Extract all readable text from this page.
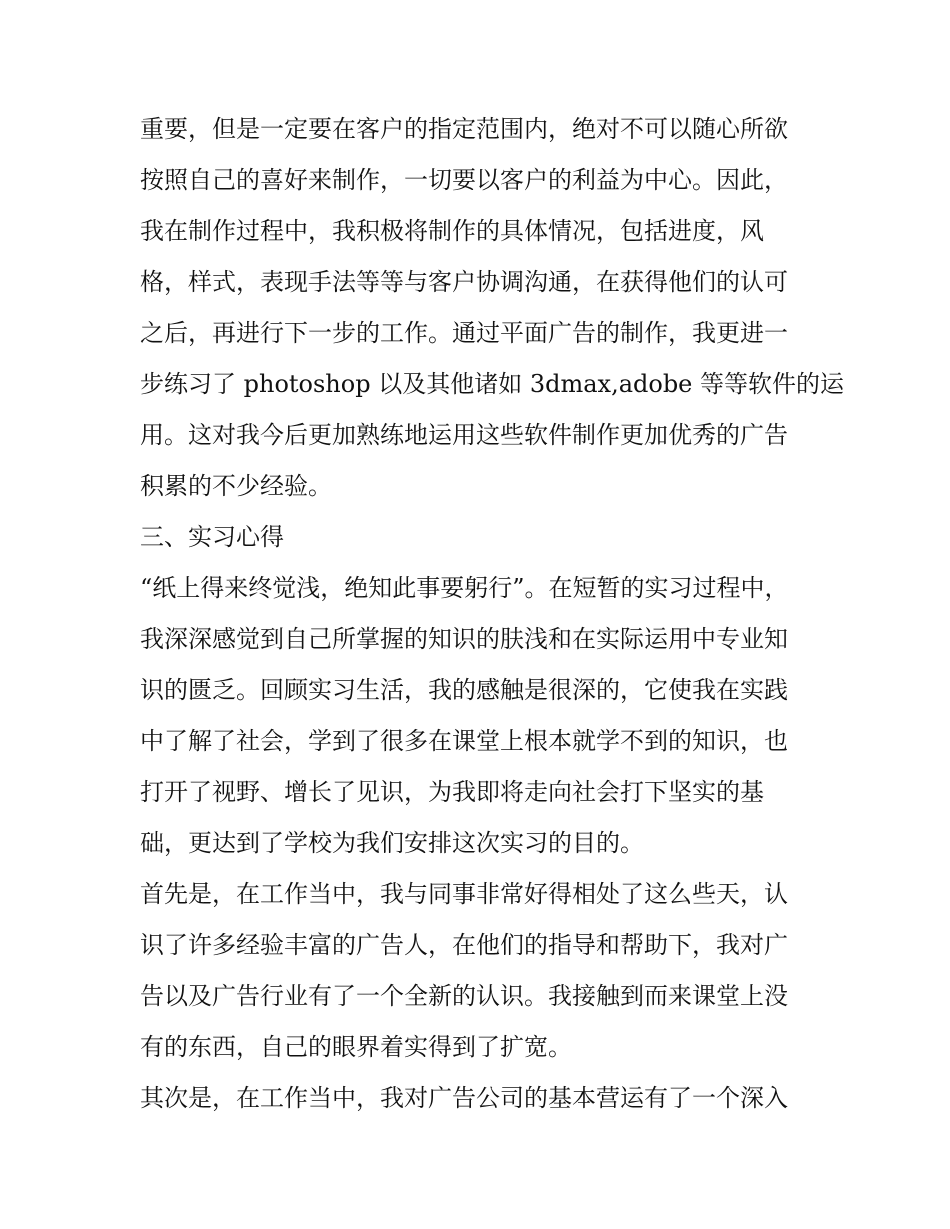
重要，但是一定要在客户的指定范围内，绝对不可以随心所欲
按照自己的喜好来制作，一切要以客户的利益为中心。因此，
我在制作过程中，我积极将制作的具体情况，包括进度，风
格，样式，表现手法等等与客户协调沟通，在获得他们的认可
之后，再进行下一步的工作。通过平面广告的制作，我更进一
步练习了 photoshop 以及其他诸如 3dmax,adobe 等等软件的运
用。这对我今后更加熟练地运用这些软件制作更加优秀的广告
积累的不少经验。
三、实习心得
“纸上得来终觉浅，绝知此事要躬行”。在短暂的实习过程中，
我深深感觉到自己所掌握的知识的肤浅和在实际运用中专业知
识的匮乏。回顾实习生活，我的感触是很深的，它使我在实践
中了解了社会，学到了很多在课堂上根本就学不到的知识，也
打开了视野、增长了见识，为我即将走向社会打下坚实的基
础，更达到了学校为我们安排这次实习的目的。
首先是，在工作当中，我与同事非常好得相处了这么些天，认
识了许多经验丰富的广告人，在他们的指导和帮助下，我对广
告以及广告行业有了一个全新的认识。我接触到而来课堂上没
有的东西，自己的眼界着实得到了扩宽。
其次是，在工作当中，我对广告公司的基本营运有了一个深入
